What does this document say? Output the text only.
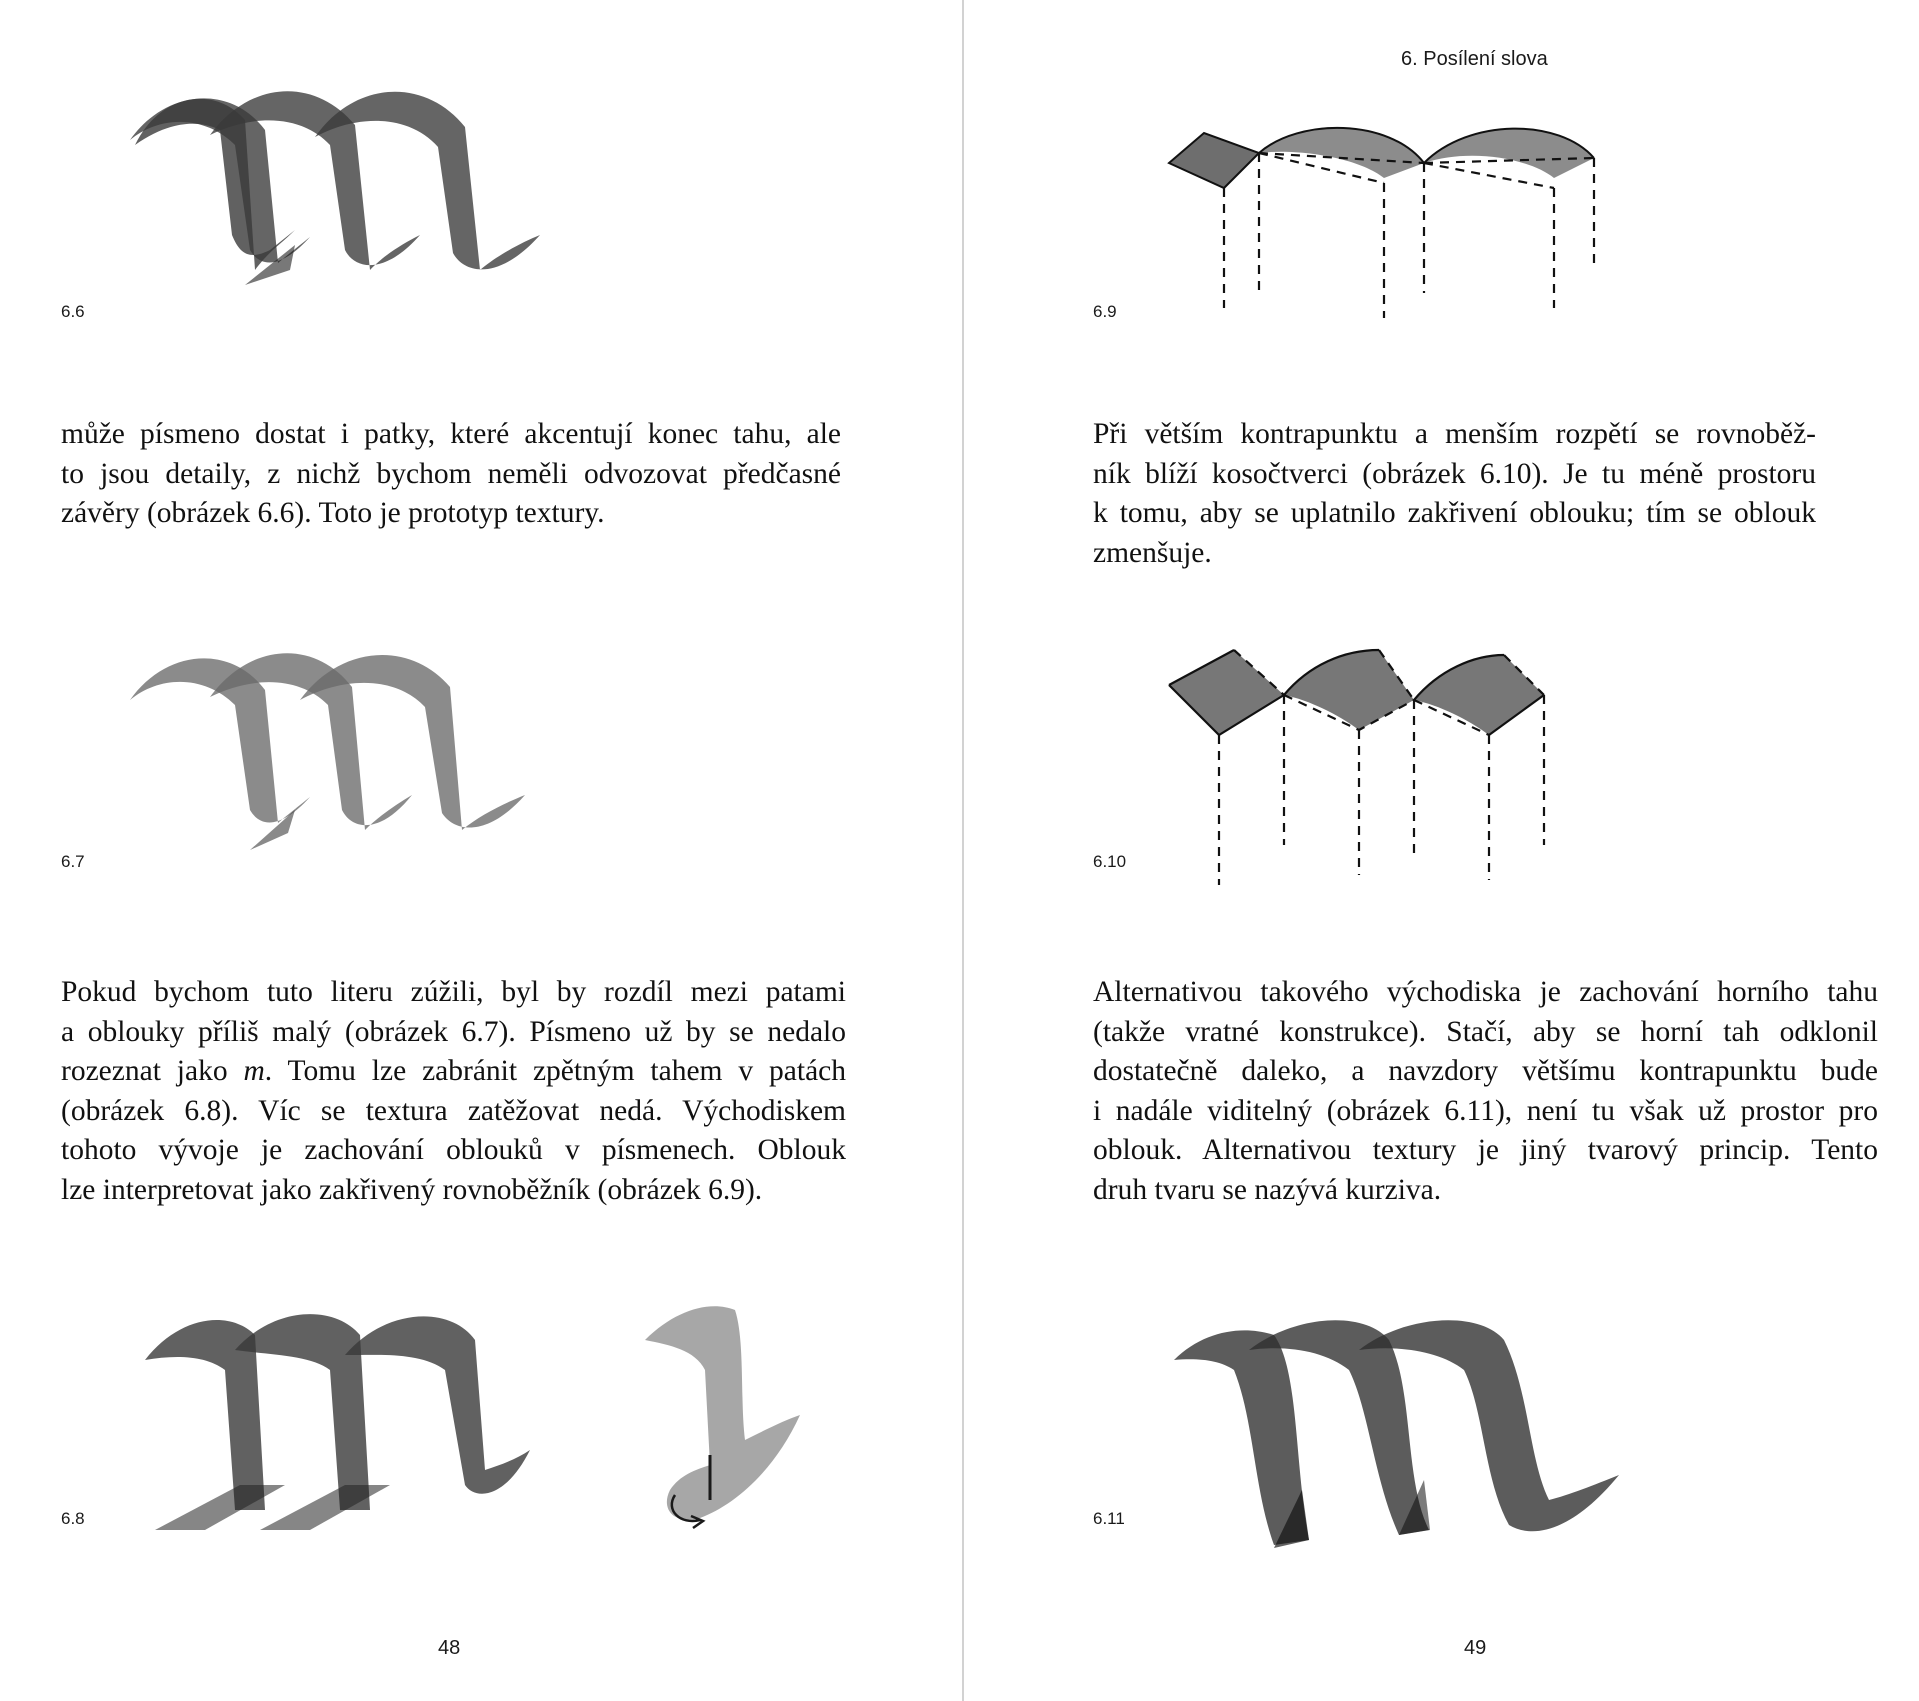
6.6

může písmeno dostat i patky, které akcentují konec tahu, ale
to jsou detaily, z nichž bychom neměli odvozovat předčasné
závěry (obrázek 6.6). Toto je prototyp textury.

6.7

Pokud bychom tuto literu zúžili, byl by rozdíl mezi patami
a oblouky příliš malý (obrázek 6.7). Písmeno už by se nedalo
rozeznat jako m. Tomu lze zabránit zpětným tahem v patách
(obrázek 6.8). Víc se textura zatěžovat nedá. Východiskem
tohoto vývoje je zachování oblouků v písmenech. Oblouk
lze interpretovat jako zakřivený rovnoběžník (obrázek 6.9).

6.8
48
6. Posílení slova
6.9

Při větším kontrapunktu a menším rozpětí se rovnoběž-
ník blíží kosočtverci (obrázek 6.10). Je tu méně prostoru
k tomu, aby se uplatnilo zakřivení oblouku; tím se oblouk
zmenšuje.

6.10

Alternativou takového východiska je zachování horního tahu
(takže vratné konstrukce). Stačí, aby se horní tah odklonil
dostatečně daleko, a navzdory většímu kontrapunktu bude
i nadále viditelný (obrázek 6.11), není tu však už prostor pro
oblouk. Alternativou textury je jiný tvarový princip. Tento
druh tvaru se nazývá kurziva.

6.11
49
